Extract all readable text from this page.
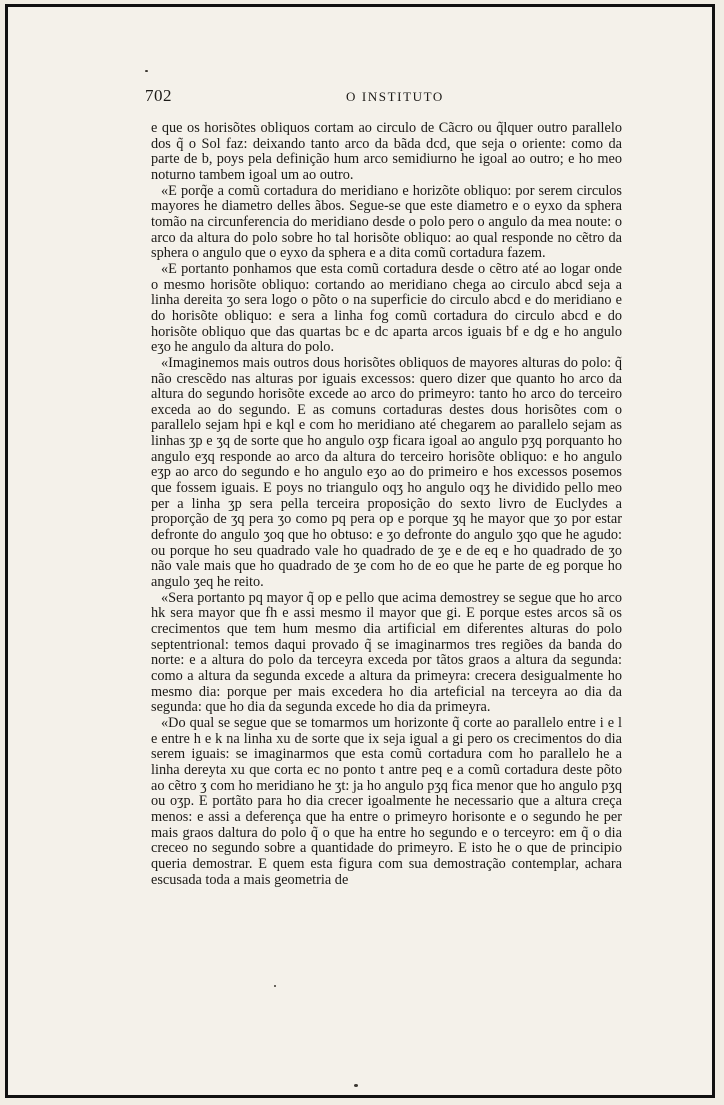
702	O INSTITUTO

e que os horisõtes obliquos cortam ao circulo de Cãcro ou q̃lquer outro parallelo dos q̃ o Sol faz: deixando tanto arco da bãda dcd, que seja o oriente: como da parte de b, poys pela definição hum arco semidiurno he igoal ao outro; e ho meo noturno tambem igoal um ao outro.

«E porq̃e a comũ cortadura do meridiano e horizõte obliquo: por serem circulos mayores he diametro delles ãbos. Segue-se que este diametro e o eyxo da sphera tomão na circunferencia do meridiano desde o polo pero o angulo da mea noute: o arco da altura do polo sobre ho tal horisõte obliquo: ao qual responde no cẽtro da sphera o angulo que o eyxo da sphera e a dita comũ cortadura fazem.

«E portanto ponhamos que esta comũ cortadura desde o cẽtro até ao logar onde o mesmo horisõte obliquo: cortando ao meridiano chega ao circulo abcd seja a linha dereita ʒo sera logo o põto o na superficie do circulo abcd e do meridiano e do horisõte obliquo: e sera a linha fog comũ cortadura do circulo abcd e do horisõte obliquo que das quartas bc e dc aparta arcos iguais bf e dg e ho angulo eʒo he angulo da altura do polo.

«Imaginemos mais outros dous horisõtes obliquos de mayores alturas do polo: q̃ não crescẽdo nas alturas por iguais excessos: quero dizer que quanto ho arco da altura do segundo horisõte excede ao arco do primeyro: tanto ho arco do terceiro exceda ao do segundo. E as comuns cortaduras destes dous horisõtes com o parallelo sejam hpi e kql e com ho meridiano até chegarem ao parallelo sejam as linhas ʒp e ʒq de sorte que ho angulo oʒp ficara igoal ao angulo pʒq porquanto ho angulo eʒq responde ao arco da altura do terceiro horisõte obliquo: e ho angulo eʒp ao arco do segundo e ho angulo eʒo ao do primeiro e hos excessos posemos que fossem iguais. E poys no triangulo oqʒ ho angulo oqʒ he dividido pello meo per a linha ʒp sera pella terceira proposição do sexto livro de Euclydes a proporção de ʒq pera ʒo como pq pera op e porque ʒq he mayor que ʒo por estar defronte do angulo ʒoq que ho obtuso: e ʒo defronte do angulo ʒqo que he agudo: ou porque ho seu quadrado vale ho quadrado de ʒe e de eq e ho quadrado de ʒo não vale mais que ho quadrado de ʒe com ho de eo que he parte de eg porque ho angulo ʒeq he reito.

«Sera portanto pq mayor q̃ op e pello que acima demostrey se segue que ho arco hk sera mayor que fh e assi mesmo il mayor que gi. E porque estes arcos sã os crecimentos que tem hum mesmo dia artificial em diferentes alturas do polo septentrional: temos daqui provado q̃ se imaginarmos tres regiões da banda do norte: e a altura do polo da terceyra exceda por tãtos graos a altura da segunda: como a altura da segunda excede a altura da primeyra: crecera desigualmente ho mesmo dia: porque per mais excedera ho dia arteficial na terceyra ao dia da segunda: que ho dia da segunda excede ho dia da primeyra.

«Do qual se segue que se tomarmos um horizonte q̃ corte ao parallelo entre i e l e entre h e k na linha xu de sorte que ix seja igual a gi pero os crecimentos do dia serem iguais: se imaginarmos que esta comũ cortadura com ho parallelo he a linha dereyta xu que corta ec no ponto t antre peq e a comũ cortadura deste põto ao cẽtro ʒ com ho meridiano he ʒt: ja ho angulo pʒq fica menor que ho angulo pʒq ou oʒp. E portãto para ho dia crecer igoalmente he necessario que a altura creça menos: e assi a deferença que ha entre o primeyro horisonte e o segundo he per mais graos daltura do polo q̃ o que ha entre ho segundo e o terceyro: em q̃ o dia creceo no segundo sobre a quantidade do primeyro. E isto he o que de principio queria demostrar. E quem esta figura com sua demostração contemplar, achara escusada toda a mais geometria de
